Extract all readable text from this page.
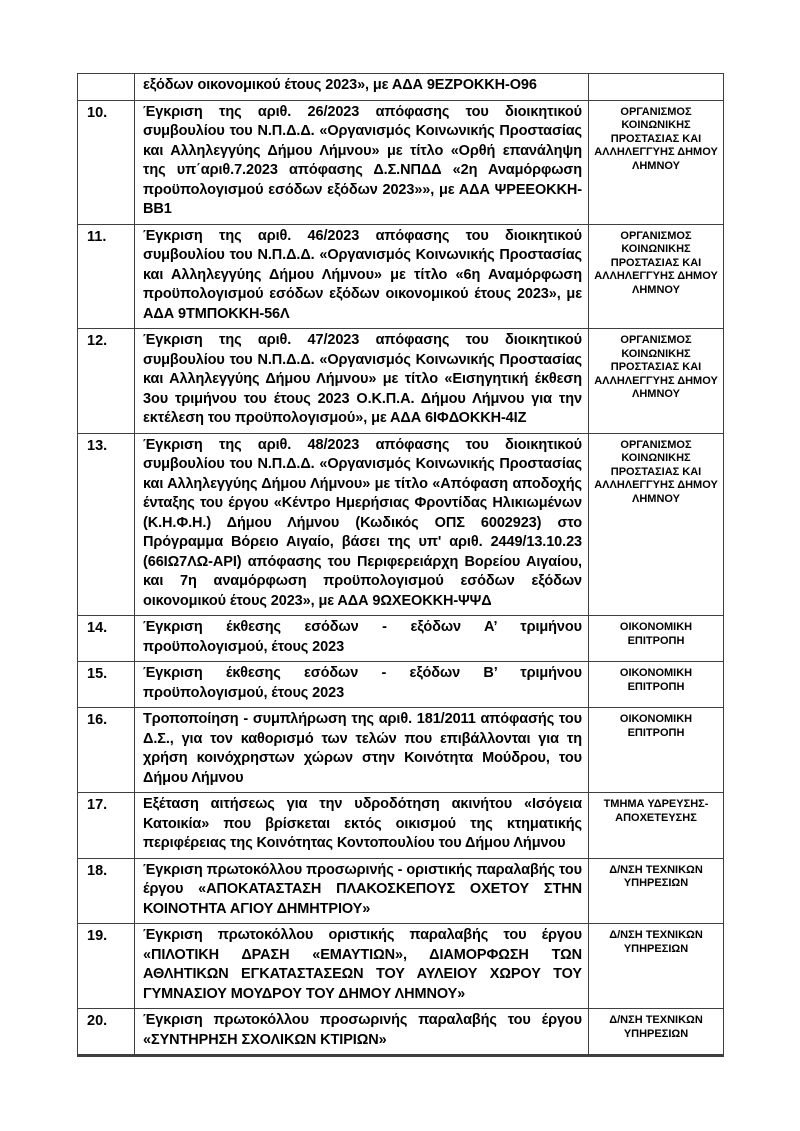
	εξόδων οικονομικού έτους 2023», με ΑΔΑ 9ΕΖΡΟΚΚΗ-Ο96	
10.	Έγκριση της αριθ. 26/2023 απόφασης του διοικητικού συμβουλίου του Ν.Π.Δ.Δ. «Οργανισμός Κοινωνικής Προστασίας και Αλληλεγγύης Δήμου Λήμνου» με τίτλο «Ορθή επανάληψη της υπ΄αριθ.7.2023 απόφασης Δ.Σ.ΝΠΔΔ «2η Αναμόρφωση προϋπολογισμού εσόδων εξόδων 2023»», με ΑΔΑ ΨΡΕΕΟΚΚΗ-ΒΒ1	ΟΡΓΑΝΙΣΜΟΣ ΚΟΙΝΩΝΙΚΗΣ ΠΡΟΣΤΑΣΙΑΣ ΚΑΙ ΑΛΛΗΛΕΓΓΥΗΣ ΔΗΜΟΥ ΛΗΜΝΟΥ
11.	Έγκριση της αριθ. 46/2023 απόφασης του διοικητικού συμβουλίου του Ν.Π.Δ.Δ. «Οργανισμός Κοινωνικής Προστασίας και Αλληλεγγύης Δήμου Λήμνου» με τίτλο «6η Αναμόρφωση προϋπολογισμού εσόδων εξόδων οικονομικού έτους 2023», με ΑΔΑ 9ΤΜΠΟΚΚΗ-56Λ	ΟΡΓΑΝΙΣΜΟΣ ΚΟΙΝΩΝΙΚΗΣ ΠΡΟΣΤΑΣΙΑΣ ΚΑΙ ΑΛΛΗΛΕΓΓΥΗΣ ΔΗΜΟΥ ΛΗΜΝΟΥ
12.	Έγκριση της αριθ. 47/2023 απόφασης του διοικητικού συμβουλίου του Ν.Π.Δ.Δ. «Οργανισμός Κοινωνικής Προστασίας και Αλληλεγγύης Δήμου Λήμνου» με τίτλο «Εισηγητική έκθεση 3ου τριμήνου του έτους 2023 Ο.Κ.Π.Α. Δήμου Λήμνου για την εκτέλεση του προϋπολογισμού», με ΑΔΑ 6ΙΦΔΟΚΚΗ-4ΙΖ	ΟΡΓΑΝΙΣΜΟΣ ΚΟΙΝΩΝΙΚΗΣ ΠΡΟΣΤΑΣΙΑΣ ΚΑΙ ΑΛΛΗΛΕΓΓΥΗΣ ΔΗΜΟΥ ΛΗΜΝΟΥ
13.	Έγκριση της αριθ. 48/2023 απόφασης του διοικητικού συμβουλίου του Ν.Π.Δ.Δ. «Οργανισμός Κοινωνικής Προστασίας και Αλληλεγγύης Δήμου Λήμνου» με τίτλο «Απόφαση αποδοχής ένταξης του έργου «Κέντρο Ημερήσιας Φροντίδας Ηλικιωμένων (Κ.Η.Φ.Η.) Δήμου Λήμνου (Κωδικός ΟΠΣ 6002923) στο Πρόγραμμα Βόρειο Αιγαίο, βάσει της υπ' αριθ. 2449/13.10.23 (66ΙΩ7ΛΩ-ΑΡΙ) απόφασης του Περιφερειάρχη Βορείου Αιγαίου, και 7η αναμόρφωση προϋπολογισμού εσόδων εξόδων οικονομικού έτους 2023», με ΑΔΑ 9ΩΧΕΟΚΚΗ-ΨΨΔ	ΟΡΓΑΝΙΣΜΟΣ ΚΟΙΝΩΝΙΚΗΣ ΠΡΟΣΤΑΣΙΑΣ ΚΑΙ ΑΛΛΗΛΕΓΓΥΗΣ ΔΗΜΟΥ ΛΗΜΝΟΥ
14.	Έγκριση έκθεσης εσόδων - εξόδων Α’ τριμήνου προϋπολογισμού, έτους 2023	ΟΙΚΟΝΟΜΙΚΗ ΕΠΙΤΡΟΠΗ
15.	Έγκριση έκθεσης εσόδων - εξόδων Β’ τριμήνου προϋπολογισμού, έτους 2023	ΟΙΚΟΝΟΜΙΚΗ ΕΠΙΤΡΟΠΗ
16.	Τροποποίηση - συμπλήρωση της αριθ. 181/2011 απόφασής του Δ.Σ., για τον καθορισμό των τελών που επιβάλλονται για τη χρήση κοινόχρηστων χώρων στην Κοινότητα Μούδρου, του Δήμου Λήμνου	ΟΙΚΟΝΟΜΙΚΗ ΕΠΙΤΡΟΠΗ
17.	Εξέταση αιτήσεως για την υδροδότηση ακινήτου «Ισόγεια Κατοικία» που βρίσκεται εκτός οικισμού της κτηματικής περιφέρειας της Κοινότητας Κοντοπουλίου του Δήμου Λήμνου	ΤΜΗΜΑ ΥΔΡΕΥΣΗΣ-ΑΠΟΧΕΤΕΥΣΗΣ
18.	Έγκριση πρωτοκόλλου προσωρινής - οριστικής παραλαβής του έργου «ΑΠΟΚΑΤΑΣΤΑΣΗ ΠΛΑΚΟΣΚΕΠΟΥΣ ΟΧΕΤΟΥ ΣΤΗΝ ΚΟΙΝΟΤΗΤΑ ΑΓΙΟΥ ΔΗΜΗΤΡΙΟΥ»	Δ/ΝΣΗ ΤΕΧΝΙΚΩΝ ΥΠΗΡΕΣΙΩΝ
19.	Έγκριση πρωτοκόλλου οριστικής παραλαβής του έργου «ΠΙΛΟΤΙΚΗ ΔΡΑΣΗ «ΕΜΑΥΤΙΩΝ», ΔΙΑΜΟΡΦΩΣΗ ΤΩΝ ΑΘΛΗΤΙΚΩΝ ΕΓΚΑΤΑΣΤΑΣΕΩΝ ΤΟΥ ΑΥΛΕΙΟΥ ΧΩΡΟΥ ΤΟΥ ΓΥΜΝΑΣΙΟΥ ΜΟΥΔΡΟΥ ΤΟΥ ΔΗΜΟΥ ΛΗΜΝΟΥ»	Δ/ΝΣΗ ΤΕΧΝΙΚΩΝ ΥΠΗΡΕΣΙΩΝ
20.	Έγκριση πρωτοκόλλου προσωρινής παραλαβής του έργου «ΣΥΝΤΗΡΗΣΗ ΣΧΟΛΙΚΩΝ ΚΤΙΡΙΩΝ»	Δ/ΝΣΗ ΤΕΧΝΙΚΩΝ ΥΠΗΡΕΣΙΩΝ
